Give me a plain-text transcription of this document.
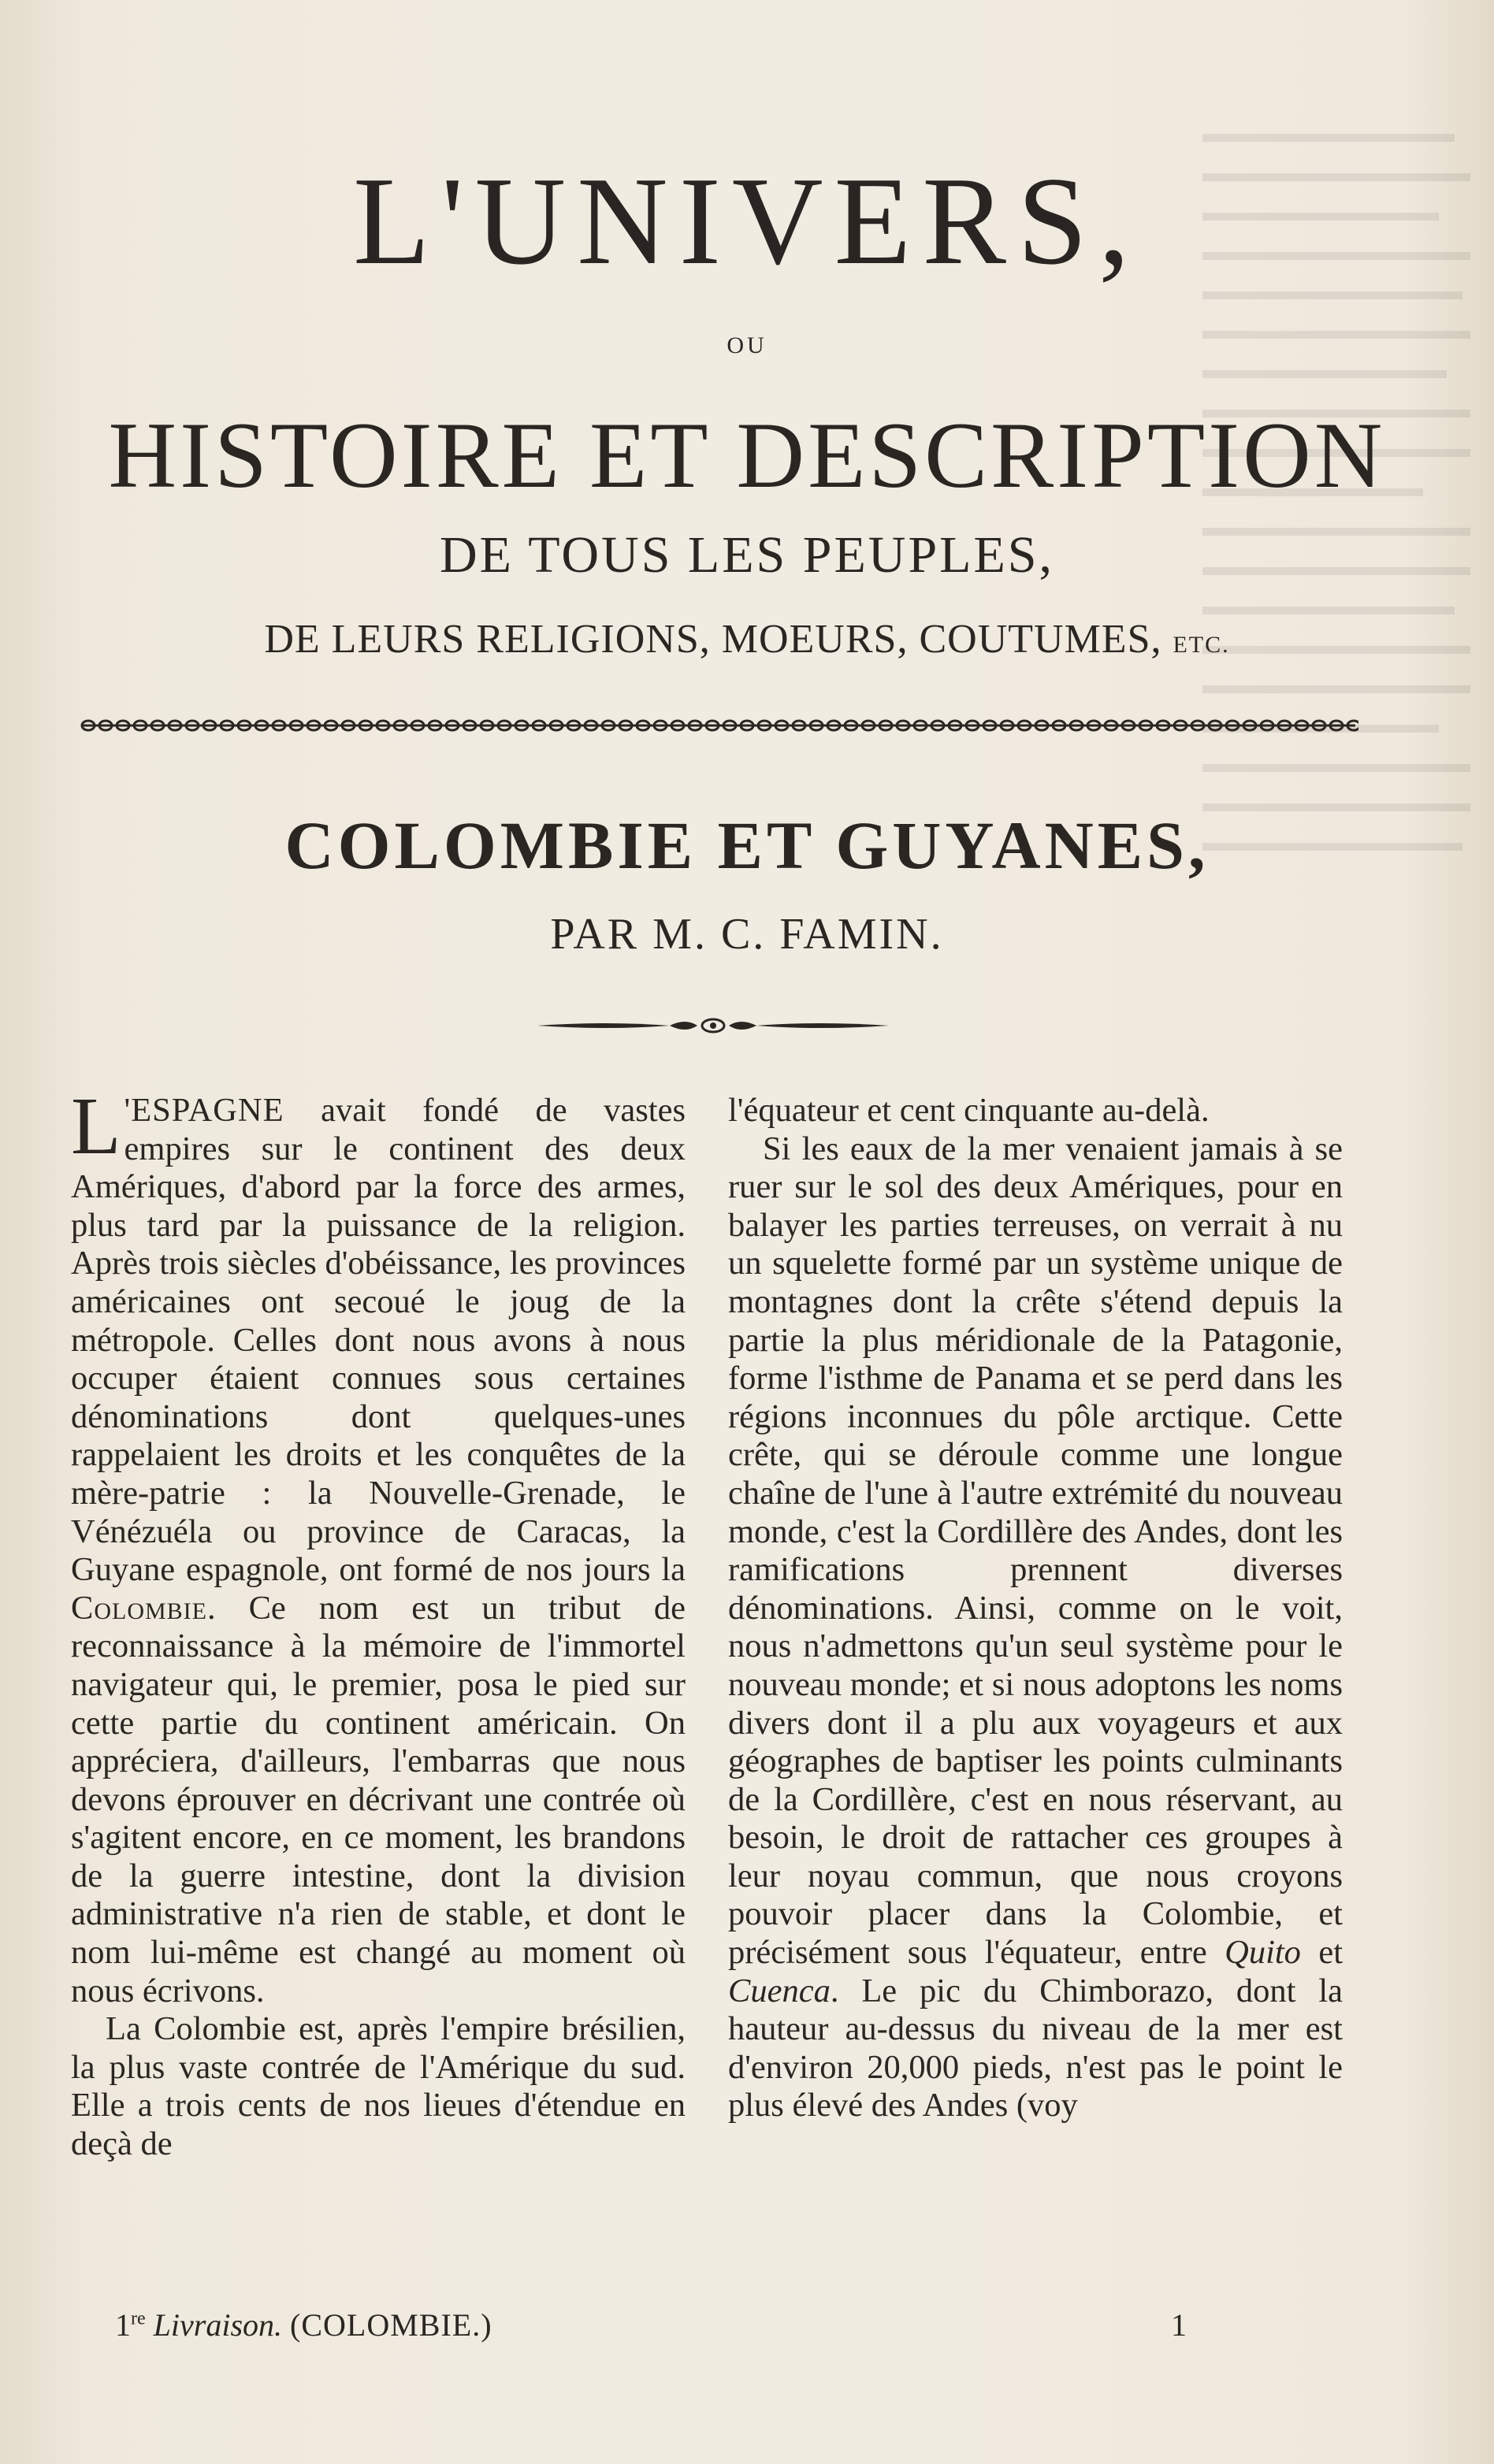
L'UNIVERS,
OU
HISTOIRE ET DESCRIPTION
DE TOUS LES PEUPLES,
DE LEURS RELIGIONS, MOEURS, COUTUMES, ETC.
COLOMBIE ET GUYANES,
PAR M. C. FAMIN.

L 'ESPAGNE avait fondé de vastes empires sur le continent des deux Amériques, d'abord par la force des armes, plus tard par la puissance de la religion. Après trois siècles d'obéissance, les provinces américaines ont secoué le joug de la métropole. Celles dont nous avons à nous occuper étaient connues sous certaines dénominations dont quelques-unes rappelaient les droits et les conquêtes de la mère-patrie : la Nouvelle-Grenade, le Vénézuéla ou province de Caracas, la Guyane espagnole, ont formé de nos jours la Colombie. Ce nom est un tribut de reconnaissance à la mémoire de l'immortel navigateur qui, le premier, posa le pied sur cette partie du continent américain. On appréciera, d'ailleurs, l'embarras que nous devons éprouver en décrivant une contrée où s'agitent encore, en ce moment, les brandons de la guerre intestine, dont la division administrative n'a rien de stable, et dont le nom lui-même est changé au moment où nous écrivons.

La Colombie est, après l'empire brésilien, la plus vaste contrée de l'Amérique du sud. Elle a trois cents de nos lieues d'étendue en deçà de

l'équateur et cent cinquante au-delà.

Si les eaux de la mer venaient jamais à se ruer sur le sol des deux Amériques, pour en balayer les parties terreuses, on verrait à nu un squelette formé par un système unique de montagnes dont la crête s'étend depuis la partie la plus méridionale de la Patagonie, forme l'isthme de Panama et se perd dans les régions inconnues du pôle arctique. Cette crête, qui se déroule comme une longue chaîne de l'une à l'autre extrémité du nouveau monde, c'est la Cordillère des Andes, dont les ramifications prennent diverses dénominations. Ainsi, comme on le voit, nous n'admettons qu'un seul système pour le nouveau monde; et si nous adoptons les noms divers dont il a plu aux voyageurs et aux géographes de baptiser les points culminants de la Cordillère, c'est en nous réservant, au besoin, le droit de rattacher ces groupes à leur noyau commun, que nous croyons pouvoir placer dans la Colombie, et précisément sous l'équateur, entre Quito et Cuenca. Le pic du Chimborazo, dont la hauteur au-dessus du niveau de la mer est d'environ 20,000 pieds, n'est pas le point le plus élevé des Andes (voy

1re Livraison. (COLOMBIE.)	1
